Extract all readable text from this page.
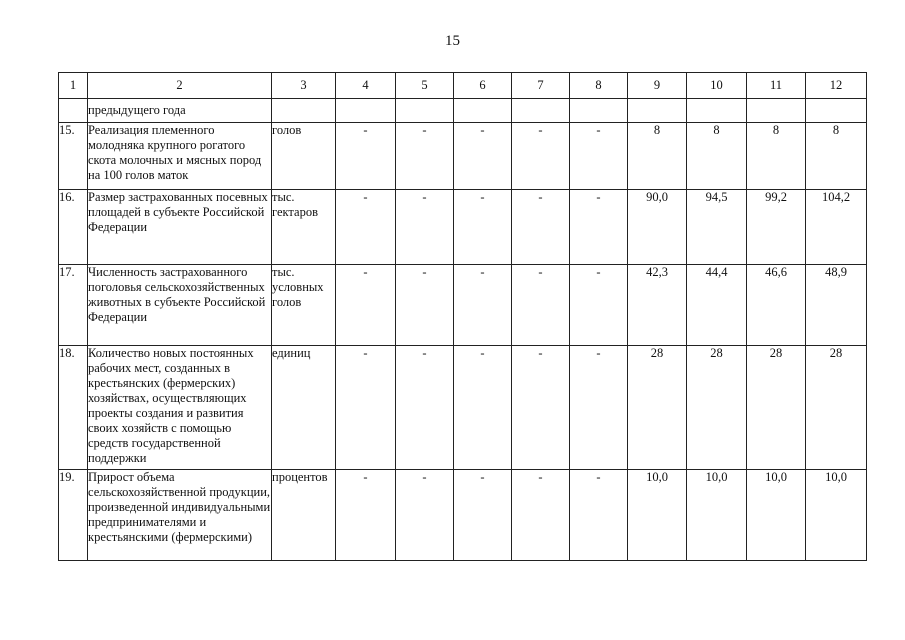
15
1	2	3	4	5	6	7	8	9	10	11	12
	предыдущего года										
15.	Реализация племенного молодняка крупного рогатого скота молочных и мясных пород на 100 голов маток	голов	-	-	-	-	-	8	8	8	8
16.	Размер застрахованных посевных площадей в субъекте Российской Федерации	тыс. гектаров	-	-	-	-	-	90,0	94,5	99,2	104,2
17.	Численность застрахованного поголовья сельскохозяйственных животных в субъекте Российской Федерации	тыс. условных голов	-	-	-	-	-	42,3	44,4	46,6	48,9
18.	Количество новых постоянных рабочих мест, созданных в крестьянских (фермерских) хозяйствах, осуществляющих проекты создания и развития своих хозяйств с помощью средств государственной поддержки	единиц	-	-	-	-	-	28	28	28	28
19.	Прирост объема сельскохозяйственной продукции, произведенной индивидуальными предпринимателями и крестьянскими (фермерскими)	процентов	-	-	-	-	-	10,0	10,0	10,0	10,0
